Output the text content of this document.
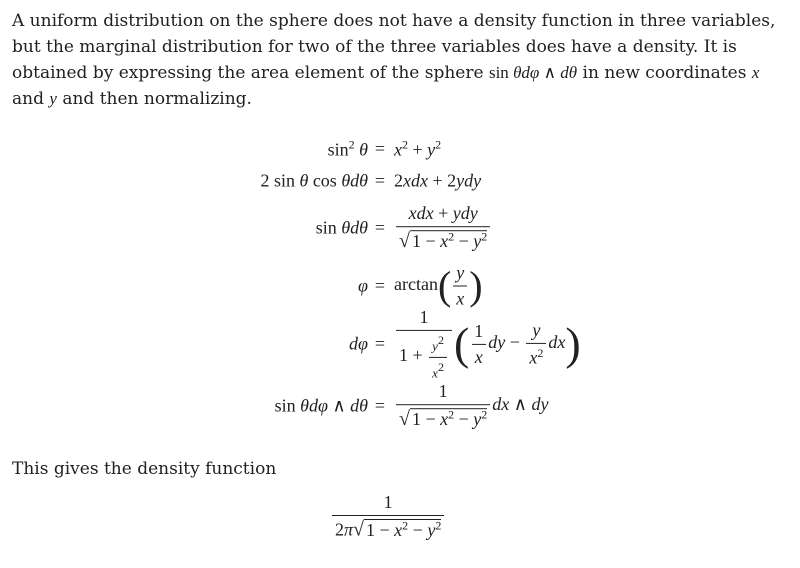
A uniform distribution on the sphere does not have a density function in three variables, but the marginal distribution for two of the three variables does have a density. It is obtained by expressing the area element of the sphere sin θdφ ∧ dθ in new coordinates x and y and then normalizing.
$\sin^2 \theta = x^2 + y^2$
2 sin θ cos θdθ = 2xdx + 2ydy
$\sin \theta d\theta = \frac{\text{xdx + ydy}}{√ 1 - x^2 - y^2}$
$\varphi = \arctan( \frac{y}{x}$ )
$d\varphi = \frac{1}{1 + \frac{y2}{x2}}$ ( $\frac{1}{x}$ dy − $\frac{y}{x^2} dx$)
sin θdφ ∧ $d\theta = \frac{1}{√ 1 - x^2 - y^2}$ dx ∧ dy
This gives the density function
$\frac{1}{2\pi√ 1 - x^2 - y^2}$
